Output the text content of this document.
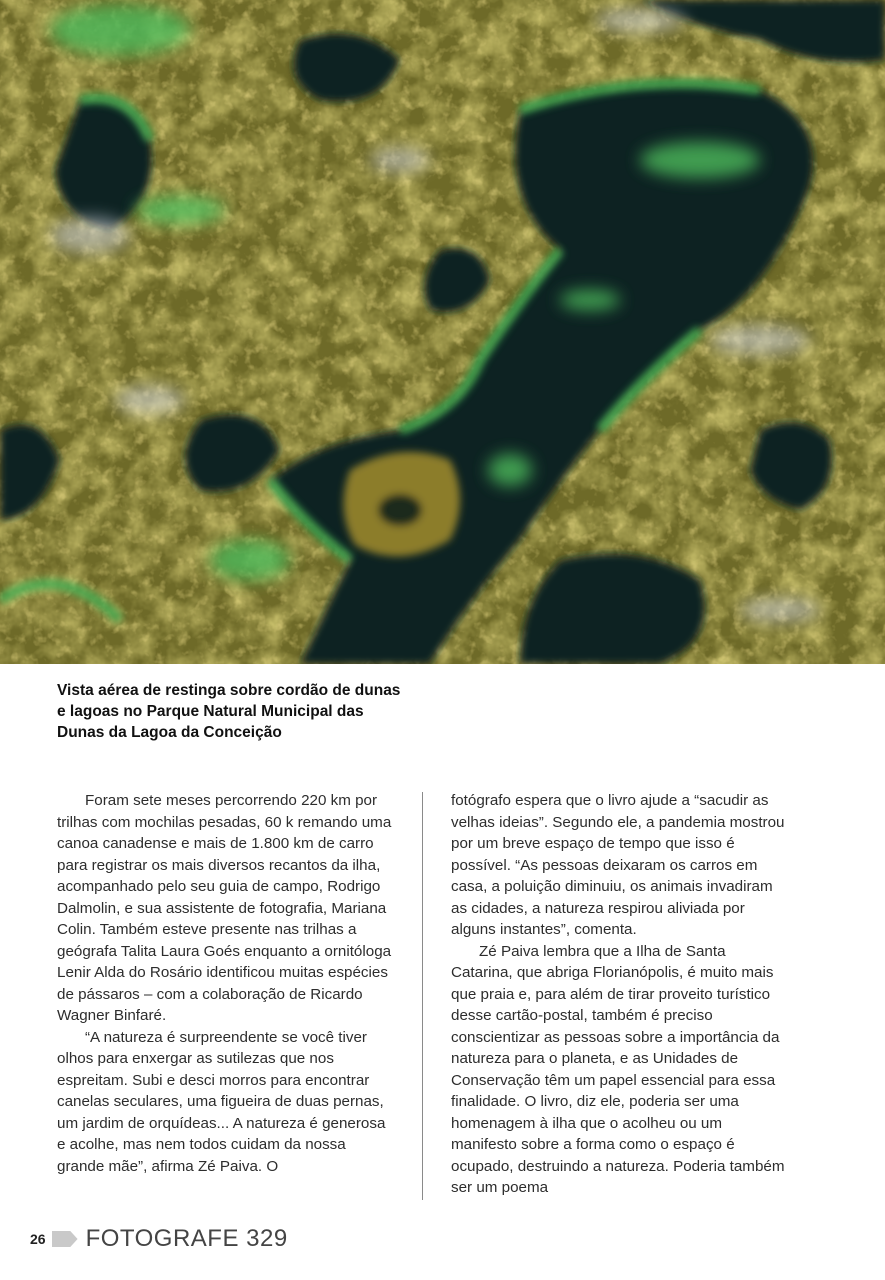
Vista aérea de restinga sobre cordão de dunas e lagoas no Parque Natural Municipal das Dunas da Lagoa da Conceição

Foram sete meses percorrendo 220 km por trilhas com mochilas pesadas, 60 k remando uma canoa canadense e mais de 1.800 km de carro para registrar os mais diversos recantos da ilha, acompanhado pelo seu guia de campo, Rodrigo Dalmolin, e sua assistente de fotografia, Mariana Colin. Também esteve presente nas trilhas a geógrafa Talita Laura Goés enquanto a ornitóloga Lenir Alda do Rosário identificou muitas espécies de pássaros – com a colaboração de Ricardo Wagner Binfaré.

“A natureza é surpreendente se você tiver olhos para enxergar as sutilezas que nos espreitam. Subi e desci morros para encontrar canelas seculares, uma figueira de duas pernas, um jardim de orquídeas... A natureza é generosa e acolhe, mas nem todos cuidam da nossa grande mãe”, afirma Zé Paiva. O

fotógrafo espera que o livro ajude a “sacudir as velhas ideias”. Segundo ele, a pandemia mostrou por um breve espaço de tempo que isso é possível. “As pessoas deixaram os carros em casa, a poluição diminuiu, os animais invadiram as cidades, a natureza respirou aliviada por alguns instantes”, comenta.

Zé Paiva lembra que a Ilha de Santa Catarina, que abriga Florianópolis, é muito mais que praia e, para além de tirar proveito turístico desse cartão-postal, também é preciso conscientizar as pessoas sobre a importância da natureza para o planeta, e as Unidades de Conservação têm um papel essencial para essa finalidade. O livro, diz ele, poderia ser uma homenagem à ilha que o acolheu ou um manifesto sobre a forma como o espaço é ocupado, destruindo a natureza. Poderia também ser um poema

26 FOTOGRAFE 329
